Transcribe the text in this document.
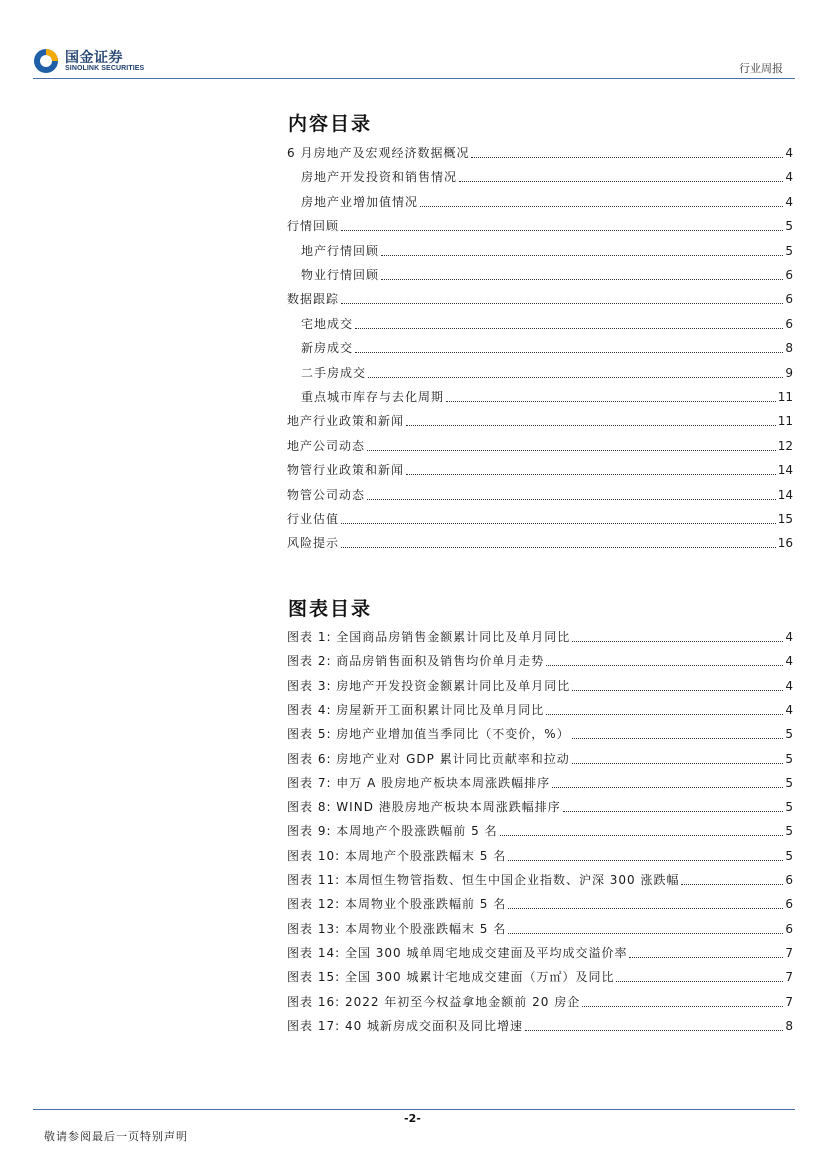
国金证券
SINOLINK SECURITIES	行业周报
内容目录
6 月房地产及宏观经济数据概况	4
房地产开发投资和销售情况	4
房地产业增加值情况	4
行情回顾	5
地产行情回顾	5
物业行情回顾	6
数据跟踪	6
宅地成交	6
新房成交	8
二手房成交	9
重点城市库存与去化周期	11
地产行业政策和新闻	11
地产公司动态	12
物管行业政策和新闻	14
物管公司动态	14
行业估值	15
风险提示	16
图表目录
图表 1: 全国商品房销售金额累计同比及单月同比	4
图表 2: 商品房销售面积及销售均价单月走势	4
图表 3: 房地产开发投资金额累计同比及单月同比	4
图表 4: 房屋新开工面积累计同比及单月同比	4
图表 5: 房地产业增加值当季同比（不变价，%）	5
图表 6: 房地产业对 GDP 累计同比贡献率和拉动	5
图表 7: 申万 A 股房地产板块本周涨跌幅排序	5
图表 8: WIND 港股房地产板块本周涨跌幅排序	5
图表 9: 本周地产个股涨跌幅前 5 名	5
图表 10: 本周地产个股涨跌幅末 5 名	5
图表 11: 本周恒生物管指数、恒生中国企业指数、沪深 300 涨跌幅	6
图表 12: 本周物业个股涨跌幅前 5 名	6
图表 13: 本周物业个股涨跌幅末 5 名	6
图表 14: 全国 300 城单周宅地成交建面及平均成交溢价率	7
图表 15: 全国 300 城累计宅地成交建面（万㎡）及同比	7
图表 16: 2022 年初至今权益拿地金额前 20 房企	7
图表 17: 40 城新房成交面积及同比增速	8
-2-
敬请参阅最后一页特别声明
